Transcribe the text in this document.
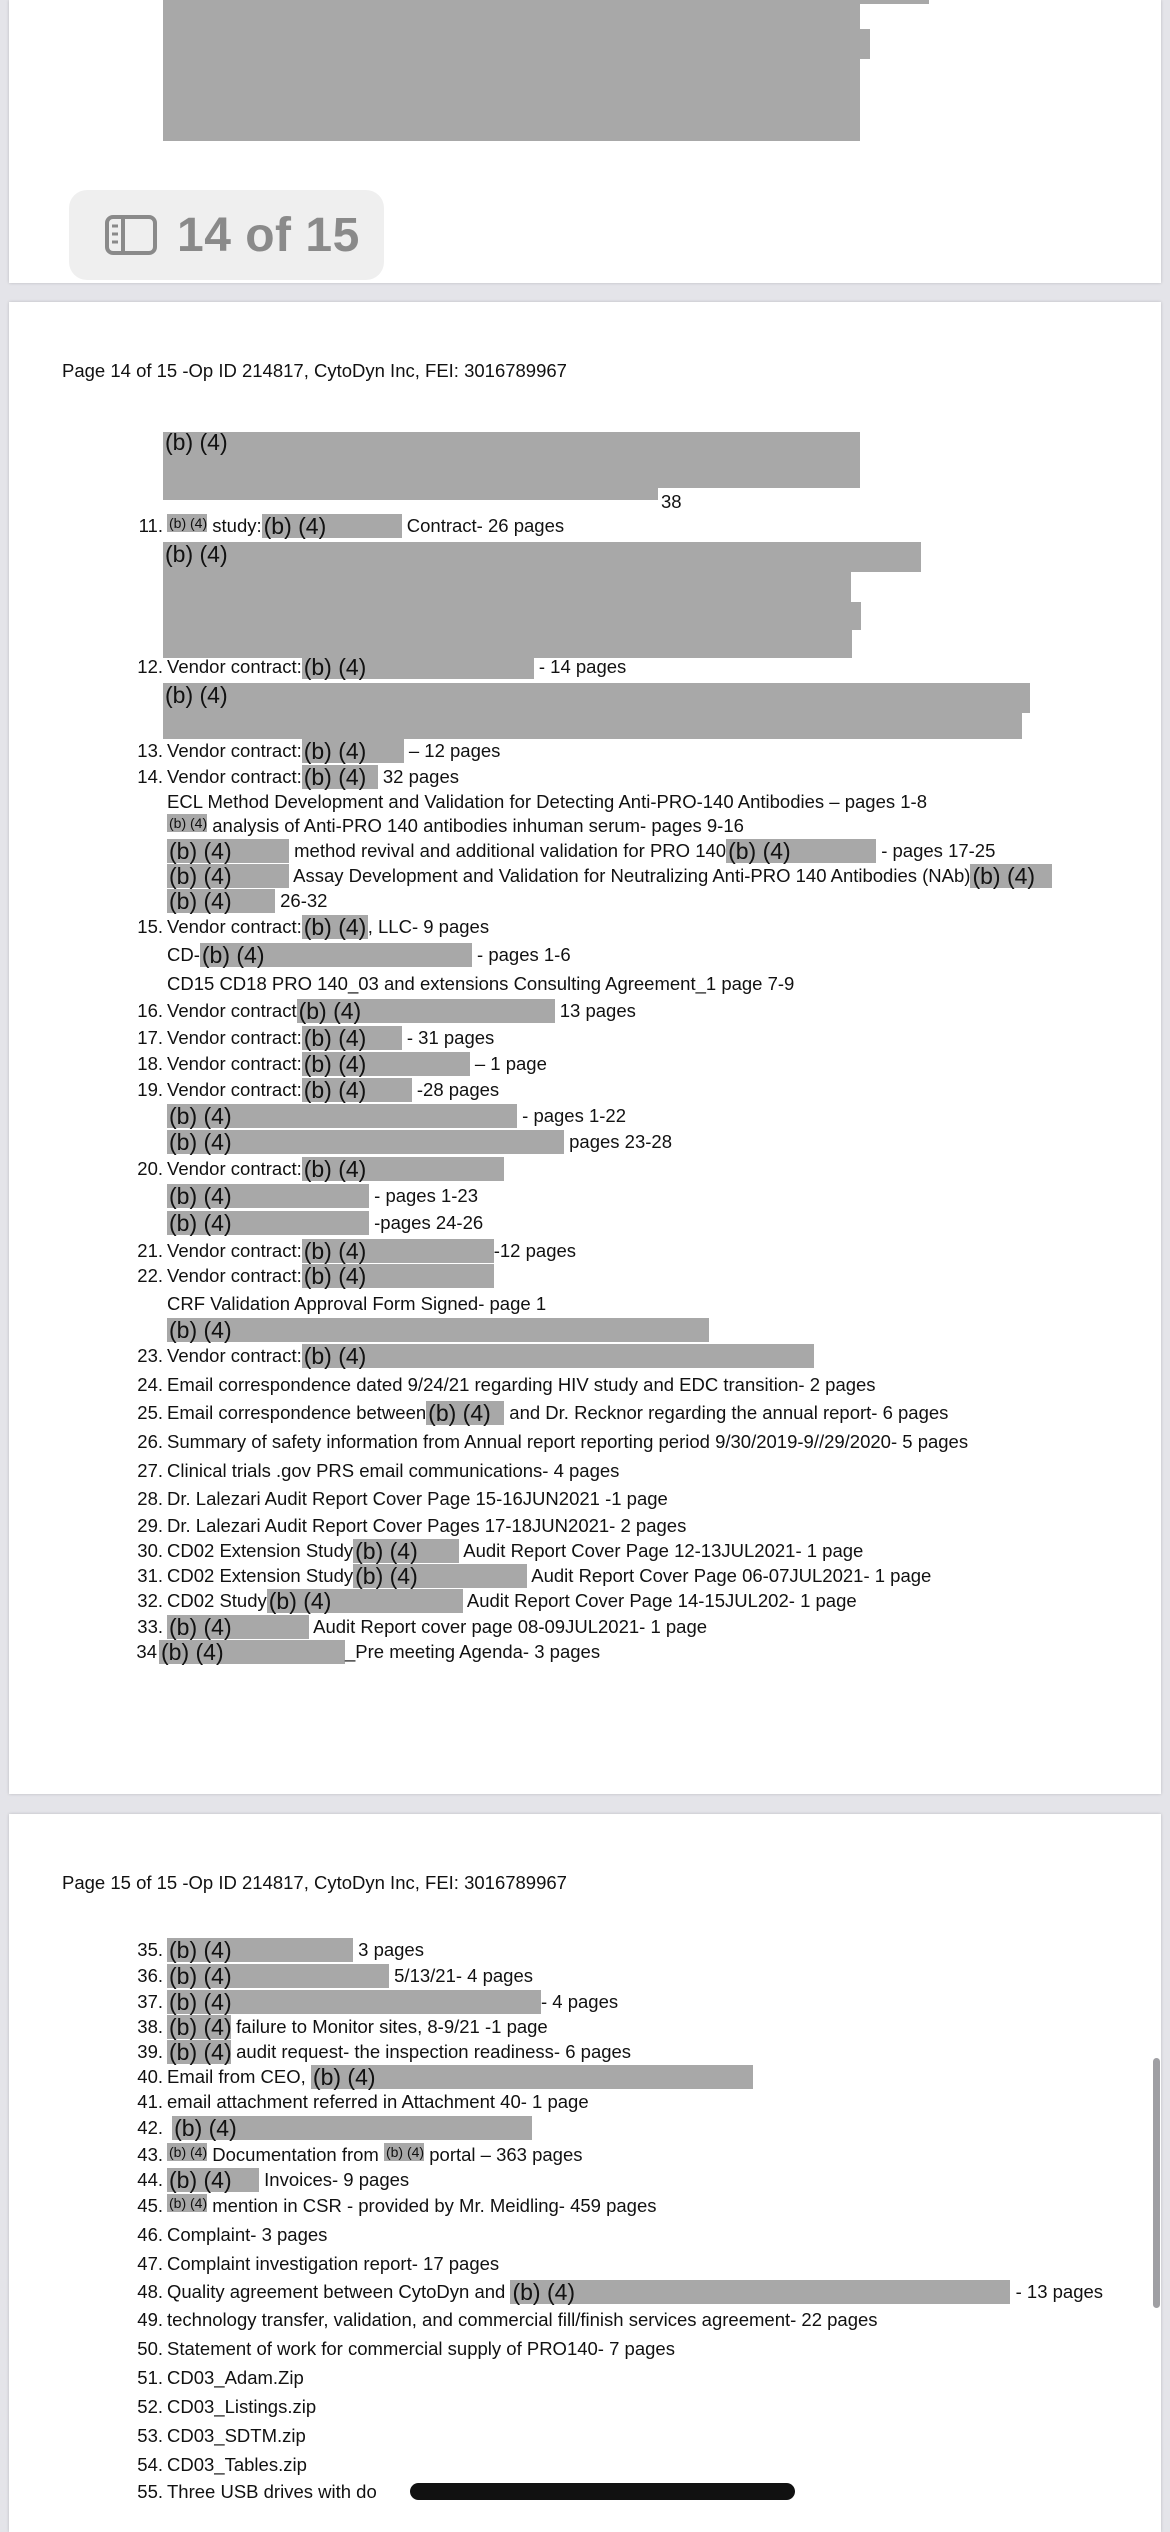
14 of 15
Page 14 of 15 -Op ID 214817, CytoDyn Inc, FEI: 3016789967
(b) (4)
38
11. (b) (4) study:(b) (4)	Contract- 26 pages
(b) (4)
12. Vendor contract:(b) (4)	- 14 pages
(b) (4)
13. Vendor contract:(b) (4) – 12 pages
14. Vendor contract:(b) (4) 32 pages
ECL Method Development and Validation for Detecting Anti-PRO-140 Antibodies – pages 1-8
(b) (4) analysis of Anti-PRO 140 antibodies inhuman serum- pages 9-16
(b) (4)	method revival and additional validation for PRO 140(b) (4)	- pages 17-25
(b) (4)	Assay Development and Validation for Neutralizing Anti-PRO 140 Antibodies (NAb)(b) (4)
(b) (4)	26-32
15. Vendor contract:(b) (4), LLC- 9 pages
CD-(b) (4)	- pages 1-6
CD15 CD18 PRO 140_03 and extensions Consulting Agreement_1 page 7-9
16. Vendor contract(b) (4)	13 pages
17. Vendor contract:(b) (4) - 31 pages
18. Vendor contract:(b) (4)	– 1 page
19. Vendor contract:(b) (4)	-28 pages
(b) (4)	- pages 1-22
(b) (4)	pages 23-28
20. Vendor contract:(b) (4)
(b) (4)	- pages 1-23
(b) (4)	-pages 24-26
21. Vendor contract:(b) (4)	-12 pages
22. Vendor contract:(b) (4)
CRF Validation Approval Form Signed- page 1
(b) (4)
23. Vendor contract:(b) (4)
24. Email correspondence dated 9/24/21 regarding HIV study and EDC transition- 2 pages
25. Email correspondence between(b) (4) and Dr. Recknor regarding the annual report- 6 pages
26. Summary of safety information from Annual report reporting period 9/30/2019-9//29/2020- 5 pages
27. Clinical trials .gov PRS email communications- 4 pages
28. Dr. Lalezari Audit Report Cover Page 15-16JUN2021 -1 page
29. Dr. Lalezari Audit Report Cover Pages 17-18JUN2021- 2 pages
30. CD02 Extension Study(b) (4) Audit Report Cover Page 12-13JUL2021- 1 page
31. CD02 Extension Study(b) (4)	Audit Report Cover Page 06-07JUL2021- 1 page
32. CD02 Study(b) (4)	Audit Report Cover Page 14-15JUL202- 1 page
33. (b) (4)	Audit Report cover page 08-09JUL2021- 1 page
34 (b) (4)	_Pre meeting Agenda- 3 pages
Page 15 of 15 -Op ID 214817, CytoDyn Inc, FEI: 3016789967
35. (b) (4)	3 pages
36. (b) (4)	5/13/21- 4 pages
37. (b) (4)	- 4 pages
38. (b) (4) failure to Monitor sites, 8-9/21 -1 page
39. (b) (4) audit request- the inspection readiness- 6 pages
40. Email from CEO, (b) (4)
41. email attachment referred in Attachment 40- 1 page
42. (b) (4)
43. (b) (4) Documentation from (b) (4) portal – 363 pages
44. (b) (4) Invoices- 9 pages
45. (b) (4) mention in CSR - provided by Mr. Meidling- 459 pages
46. Complaint- 3 pages
47. Complaint investigation report- 17 pages
48. Quality agreement between CytoDyn and (b) (4)	- 13 pages
49. technology transfer, validation, and commercial fill/finish services agreement- 22 pages
50. Statement of work for commercial supply of PRO140- 7 pages
51. CD03_Adam.Zip
52. CD03_Listings.zip
53. CD03_SDTM.zip
54. CD03_Tables.zip
55. Three USB drives with do
